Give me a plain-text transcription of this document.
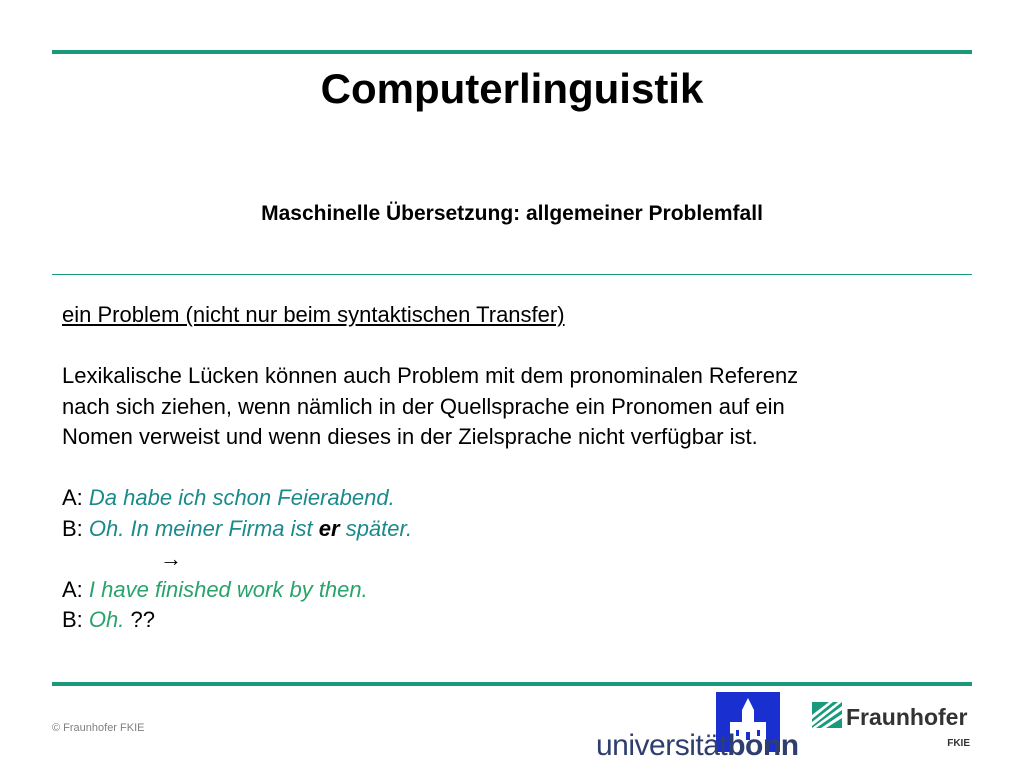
Computerlinguistik
Maschinelle Übersetzung: allgemeiner Problemfall

ein Problem (nicht nur beim syntaktischen Transfer)

Lexikalische Lücken können auch Problem mit dem pronominalen Referenz

nach sich ziehen, wenn nämlich in der Quellsprache ein Pronomen auf ein

Nomen verweist und wenn dieses in der Zielsprache nicht verfügbar ist.

A: Da habe ich schon Feierabend.

B: Oh. In meiner Firma ist er später.

→

A: I have finished work by then.

B: Oh. ??

© Fraunhofer FKIE
universitätbonn
Fraunhofer
FKIE
